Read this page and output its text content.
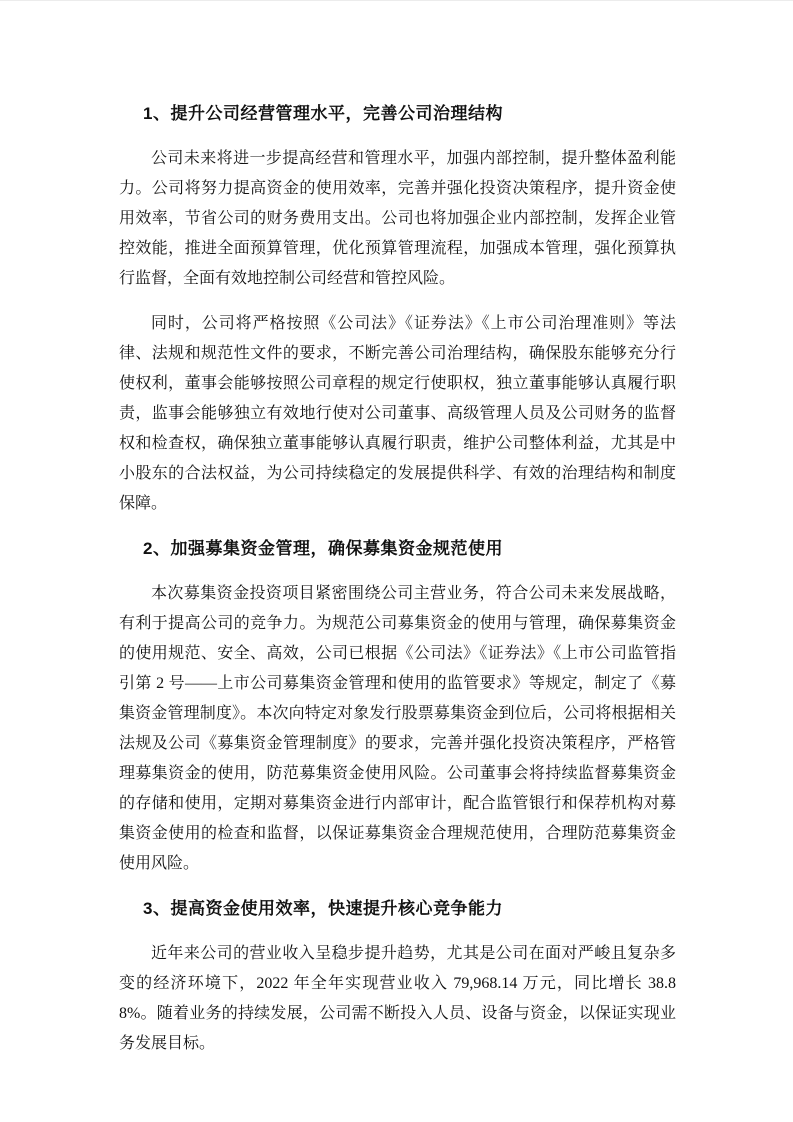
1、提升公司经营管理水平，完善公司治理结构

公司未来将进一步提高经营和管理水平，加强内部控制，提升整体盈利能力。公司将努力提高资金的使用效率，完善并强化投资决策程序，提升资金使用效率，节省公司的财务费用支出。公司也将加强企业内部控制，发挥企业管控效能，推进全面预算管理，优化预算管理流程，加强成本管理，强化预算执行监督，全面有效地控制公司经营和管控风险。

同时，公司将严格按照《公司法》《证券法》《上市公司治理准则》等法律、法规和规范性文件的要求，不断完善公司治理结构，确保股东能够充分行使权利，董事会能够按照公司章程的规定行使职权，独立董事能够认真履行职责，监事会能够独立有效地行使对公司董事、高级管理人员及公司财务的监督权和检查权，确保独立董事能够认真履行职责，维护公司整体利益，尤其是中小股东的合法权益，为公司持续稳定的发展提供科学、有效的治理结构和制度保障。

2、加强募集资金管理，确保募集资金规范使用

本次募集资金投资项目紧密围绕公司主营业务，符合公司未来发展战略，有利于提高公司的竞争力。为规范公司募集资金的使用与管理，确保募集资金的使用规范、安全、高效，公司已根据《公司法》《证券法》《上市公司监管指引第 2 号——上市公司募集资金管理和使用的监管要求》等规定，制定了《募集资金管理制度》。本次向特定对象发行股票募集资金到位后，公司将根据相关法规及公司《募集资金管理制度》的要求，完善并强化投资决策程序，严格管理募集资金的使用，防范募集资金使用风险。公司董事会将持续监督募集资金的存储和使用，定期对募集资金进行内部审计，配合监管银行和保荐机构对募集资金使用的检查和监督，以保证募集资金合理规范使用，合理防范募集资金使用风险。

3、提高资金使用效率，快速提升核心竞争能力

近年来公司的营业收入呈稳步提升趋势，尤其是公司在面对严峻且复杂多变的经济环境下，2022 年全年实现营业收入 79,968.14 万元，同比增长 38.88%。随着业务的持续发展，公司需不断投入人员、设备与资金，以保证实现业务发展目标。
